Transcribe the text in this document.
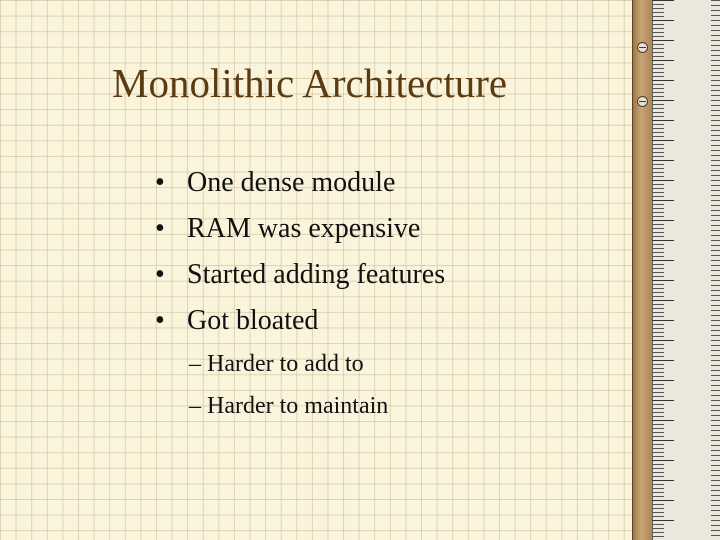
Monolithic Architecture
• One dense module
• RAM was expensive
• Started adding features
• Got bloated
– Harder to add to
– Harder to maintain
